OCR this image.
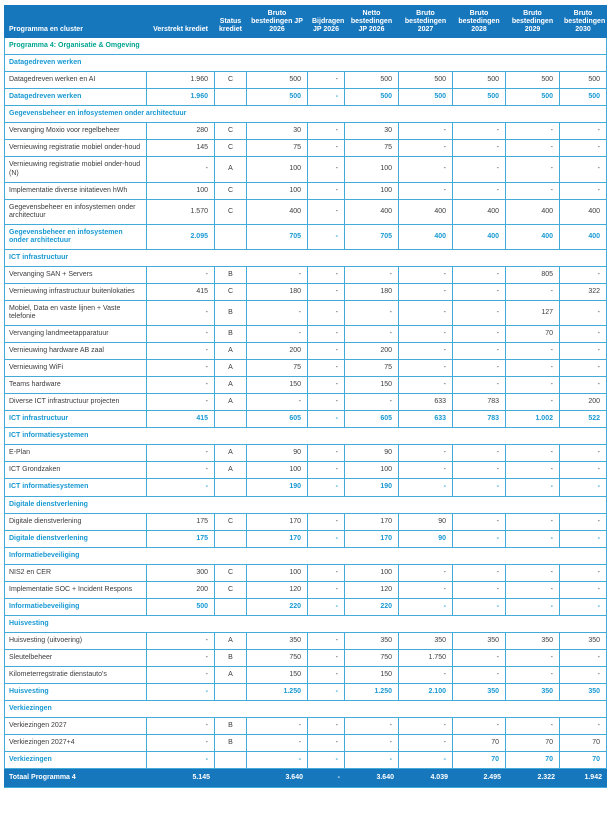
Programma en cluster	Verstrekt krediet	Status krediet	Bruto bestedingen JP 2026	Bijdragen JP 2026	Netto bestedingen JP 2026	Bruto bestedingen 2027	Bruto bestedingen 2028	Bruto bestedingen 2029	Bruto bestedingen 2030
Programma 4: Organisatie & Omgeving									
Datagedreven werken									
Datagedreven werken en AI	1.960	C	500	-	500	500	500	500	500
Datagedreven werken	1.960		500	-	500	500	500	500	500
Gegevensbeheer en infosystemen onder architectuur									
Vervanging Moxio voor regelbeheer	280	C	30	-	30	-	-	-	-
Vernieuwing registratie mobiel onder-houd	145	C	75	-	75	-	-	-	-
Vernieuwing registratie mobiel onder-houd (N)	-	A	100	-	100	-	-	-	-
Implementatie diverse initatieven hWh	100	C	100	-	100	-	-	-	-
Gegevensbeheer en infosystemen onder architectuur	1.570	C	400	-	400	400	400	400	400
Gegevensbeheer en infosystemen onder architectuur	2.095		705	-	705	400	400	400	400
ICT infrastructuur									
Vervanging SAN + Servers	-	B	-	-	-	-	-	805	-
Vernieuwing infrastructuur buitenlokaties	415	C	180	-	180	-	-	-	322
Mobiel, Data en vaste lijnen + Vaste telefonie	-	B	-	-	-	-	-	127	-
Vervanging landmeetapparatuur	-	B	-	-	-	-	-	70	-
Vernieuwing hardware AB zaal	-	A	200	-	200	-	-	-	-
Vernieuwing WiFi	-	A	75	-	75	-	-	-	-
Teams hardware	-	A	150	-	150	-	-	-	-
Diverse ICT infrastructuur projecten	-	A	-	-	-	633	783	-	200
ICT infrastructuur	415		605	-	605	633	783	1.002	522
ICT informatiesystemen									
E-Plan	-	A	90	-	90	-	-	-	-
ICT Grondzaken	-	A	100	-	100	-	-	-	-
ICT informatiesystemen	-		190	-	190	-	-	-	-
Digitale dienstverlening									
Digitale dienstverlening	175	C	170	-	170	90	-	-	-
Digitale dienstverlening	175		170	-	170	90	-	-	-
Informatiebeveiliging									
NIS2 en CER	300	C	100	-	100	-	-	-	-
Implementatie SOC + Incident Respons	200	C	120	-	120	-	-	-	-
Informatiebeveiliging	500		220	-	220	-	-	-	-
Huisvesting									
Huisvesting (uitvoering)	-	A	350	-	350	350	350	350	350
Sleutelbeheer	-	B	750	-	750	1.750	-	-	-
Kilometerregstratie dienstauto's	-	A	150	-	150	-	-	-	-
Huisvesting	-		1.250	-	1.250	2.100	350	350	350
Verkiezingen									
Verkiezingen 2027	-	B	-	-	-	-	-	-	-
Verkiezingen 2027+4	-	B	-	-	-	-	70	70	70
Verkiezingen	-		-	-	-	-	70	70	70
Totaal Programma 4	5.145		3.640	-	3.640	4.039	2.495	2.322	1.942
